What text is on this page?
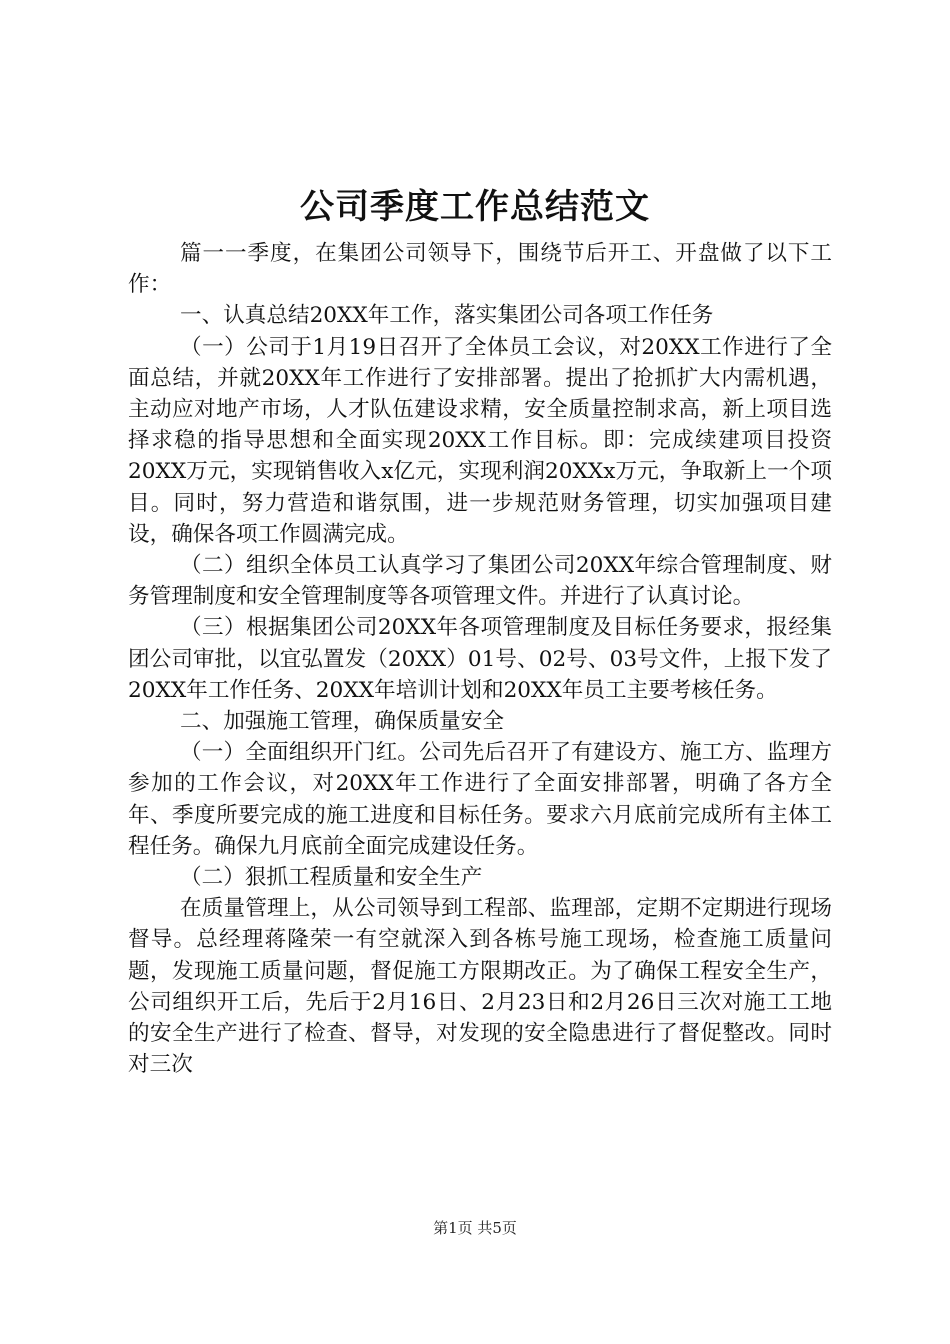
公司季度工作总结范文

篇一一季度，在集团公司领导下，围绕节后开工、开盘做了以下工作：

一、认真总结20XX年工作，落实集团公司各项工作任务

（一）公司于1月19日召开了全体员工会议，对20XX工作进行了全面总结，并就20XX年工作进行了安排部署。提出了抢抓扩大内需机遇，主动应对地产市场，人才队伍建设求精，安全质量控制求高，新上项目选择求稳的指导思想和全面实现20XX工作目标。即：完成续建项目投资20XX万元，实现销售收入x亿元，实现利润20XXx万元，争取新上一个项目。同时，努力营造和谐氛围，进一步规范财务管理，切实加强项目建设，确保各项工作圆满完成。

（二）组织全体员工认真学习了集团公司20XX年综合管理制度、财务管理制度和安全管理制度等各项管理文件。并进行了认真讨论。

（三）根据集团公司20XX年各项管理制度及目标任务要求，报经集团公司审批，以宜弘置发（20XX）01号、02号、03号文件，上报下发了20XX年工作任务、20XX年培训计划和20XX年员工主要考核任务。

二、加强施工管理，确保质量安全

（一）全面组织开门红。公司先后召开了有建设方、施工方、监理方参加的工作会议，对20XX年工作进行了全面安排部署，明确了各方全年、季度所要完成的施工进度和目标任务。要求六月底前完成所有主体工程任务。确保九月底前全面完成建设任务。

（二）狠抓工程质量和安全生产

在质量管理上，从公司领导到工程部、监理部，定期不定期进行现场督导。总经理蒋隆荣一有空就深入到各栋号施工现场，检查施工质量问题，发现施工质量问题，督促施工方限期改正。为了确保工程安全生产，公司组织开工后，先后于2月16日、2月23日和2月26日三次对施工工地的安全生产进行了检查、督导，对发现的安全隐患进行了督促整改。同时对三次

第1页 共5页
